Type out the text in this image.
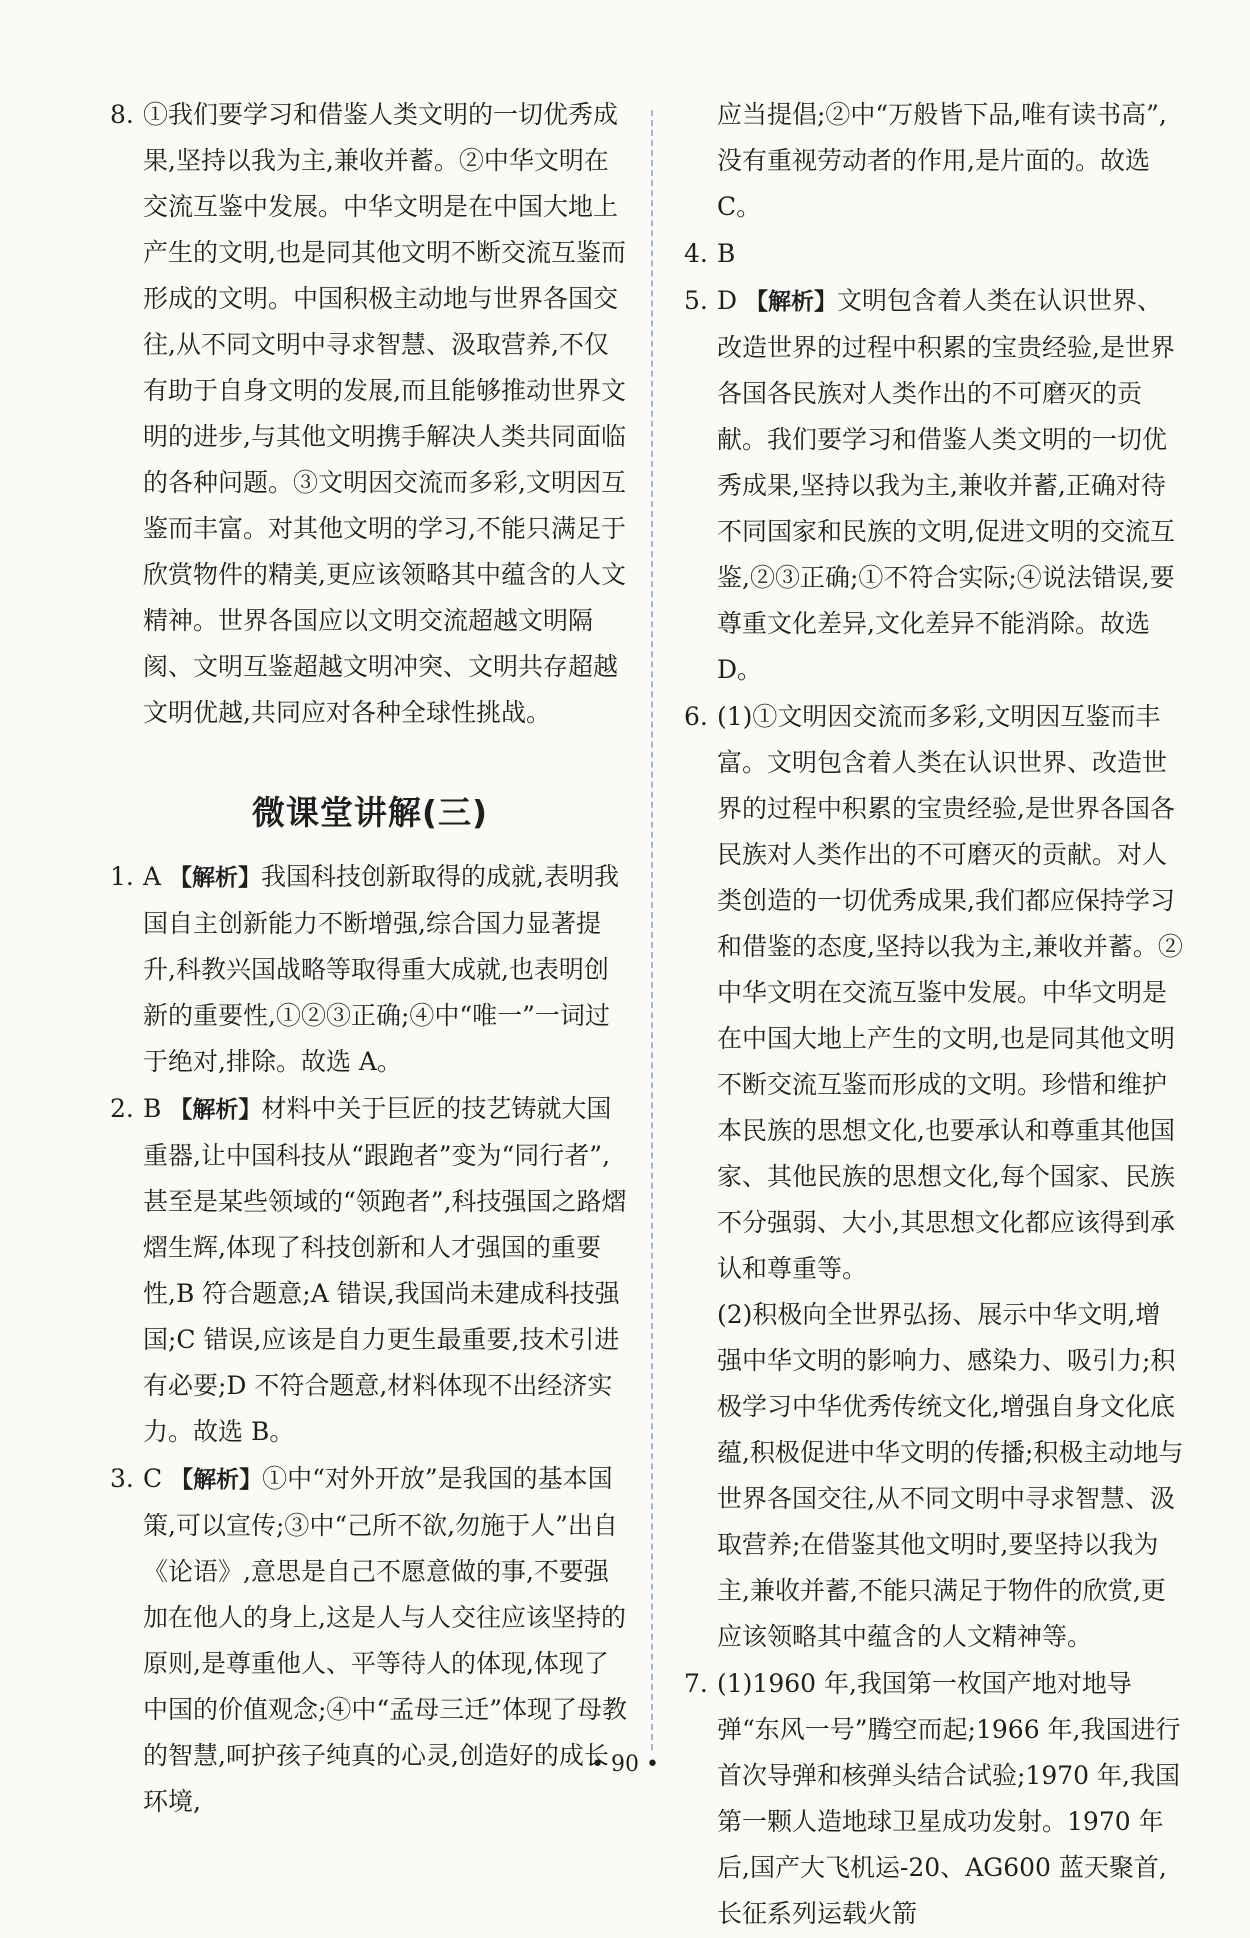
8. ①我们要学习和借鉴人类文明的一切优秀成果,坚持以我为主,兼收并蓄。②中华文明在交流互鉴中发展。中华文明是在中国大地上产生的文明,也是同其他文明不断交流互鉴而形成的文明。中国积极主动地与世界各国交往,从不同文明中寻求智慧、汲取营养,不仅有助于自身文明的发展,而且能够推动世界文明的进步,与其他文明携手解决人类共同面临的各种问题。③文明因交流而多彩,文明因互鉴而丰富。对其他文明的学习,不能只满足于欣赏物件的精美,更应该领略其中蕴含的人文精神。世界各国应以文明交流超越文明隔阂、文明互鉴超越文明冲突、文明共存超越文明优越,共同应对各种全球性挑战。
微课堂讲解(三)
1. A 【解析】我国科技创新取得的成就,表明我国自主创新能力不断增强,综合国力显著提升,科教兴国战略等取得重大成就,也表明创新的重要性,①②③正确;④中“唯一”一词过于绝对,排除。故选 A。
2. B 【解析】材料中关于巨匠的技艺铸就大国重器,让中国科技从“跟跑者”变为“同行者”,甚至是某些领域的“领跑者”,科技强国之路熠熠生辉,体现了科技创新和人才强国的重要性,B 符合题意;A 错误,我国尚未建成科技强国;C 错误,应该是自力更生最重要,技术引进有必要;D 不符合题意,材料体现不出经济实力。故选 B。
3. C 【解析】①中“对外开放”是我国的基本国策,可以宣传;③中“己所不欲,勿施于人”出自《论语》,意思是自己不愿意做的事,不要强加在他人的身上,这是人与人交往应该坚持的原则,是尊重他人、平等待人的体现,体现了中国的价值观念;④中“孟母三迁”体现了母教的智慧,呵护孩子纯真的心灵,创造好的成长环境,
应当提倡;②中“万般皆下品,唯有读书高”,没有重视劳动者的作用,是片面的。故选 C。
4. B
5. D 【解析】文明包含着人类在认识世界、改造世界的过程中积累的宝贵经验,是世界各国各民族对人类作出的不可磨灭的贡献。我们要学习和借鉴人类文明的一切优秀成果,坚持以我为主,兼收并蓄,正确对待不同国家和民族的文明,促进文明的交流互鉴,②③正确;①不符合实际;④说法错误,要尊重文化差异,文化差异不能消除。故选 D。
6. (1)①文明因交流而多彩,文明因互鉴而丰富。文明包含着人类在认识世界、改造世界的过程中积累的宝贵经验,是世界各国各民族对人类作出的不可磨灭的贡献。对人类创造的一切优秀成果,我们都应保持学习和借鉴的态度,坚持以我为主,兼收并蓄。②中华文明在交流互鉴中发展。中华文明是在中国大地上产生的文明,也是同其他文明不断交流互鉴而形成的文明。珍惜和维护本民族的思想文化,也要承认和尊重其他国家、其他民族的思想文化,每个国家、民族不分强弱、大小,其思想文化都应该得到承认和尊重等。

(2)积极向全世界弘扬、展示中华文明,增强中华文明的影响力、感染力、吸引力;积极学习中华优秀传统文化,增强自身文化底蕴,积极促进中华文明的传播;积极主动地与世界各国交往,从不同文明中寻求智慧、汲取营养;在借鉴其他文明时,要坚持以我为主,兼收并蓄,不能只满足于物件的欣赏,更应该领略其中蕴含的人文精神等。

7. (1)1960 年,我国第一枚国产地对地导弹“东风一号”腾空而起;1966 年,我国进行首次导弹和核弹头结合试验;1970 年,我国第一颗人造地球卫星成功发射。1970 年后,国产大飞机运-20、AG600 蓝天聚首,长征系列运载火箭
• 90 •
